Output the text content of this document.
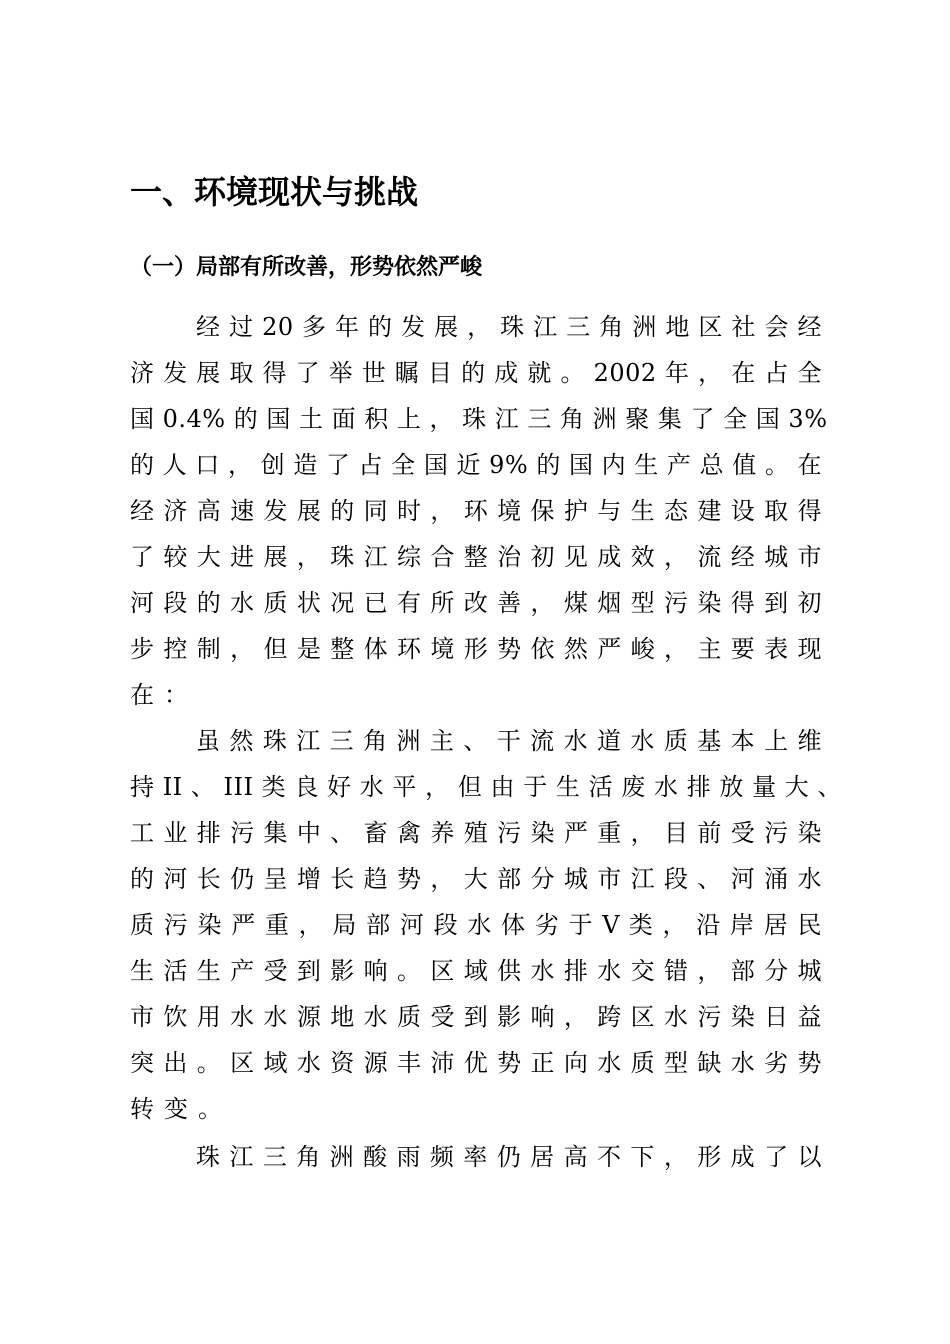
一、环境现状与挑战
（一）局部有所改善，形势依然严峻
经 过 20 多 年 的 发 展 ， 珠 江 三 角 洲 地 区 社 会 经
济 发 展 取 得 了 举 世 瞩 目 的 成 就 。 2002 年 ， 在 占 全
国 0.4% 的 国 土 面 积 上 ， 珠 江 三 角 洲 聚 集 了 全 国 3%
的 人 口 ， 创 造 了 占 全 国 近 9% 的 国 内 生 产 总 值 。 在
经 济 高 速 发 展 的 同 时 ， 环 境 保 护 与 生 态 建 设 取 得
了 较 大 进 展 ， 珠 江 综 合 整 治 初 见 成 效 ， 流 经 城 市
河 段 的 水 质 状 况 已 有 所 改 善 ， 煤 烟 型 污 染 得 到 初
步 控 制 ， 但 是 整 体 环 境 形 势 依 然 严 峻 ， 主 要 表 现
在：
虽 然 珠 江 三 角 洲 主 、 干 流 水 道 水 质 基 本 上 维
持 II 、 III 类 良 好 水 平 ， 但 由 于 生 活 废 水 排 放 量 大 、
工 业 排 污 集 中 、 畜 禽 养 殖 污 染 严 重 ， 目 前 受 污 染
的 河 长 仍 呈 增 长 趋 势 ， 大 部 分 城 市 江 段 、 河 涌 水
质 污 染 严 重 ， 局 部 河 段 水 体 劣 于 V 类 ， 沿 岸 居 民
生 活 生 产 受 到 影 响 。 区 域 供 水 排 水 交 错 ， 部 分 城
市 饮 用 水 水 源 地 水 质 受 到 影 响 ， 跨 区 水 污 染 日 益
突 出 。 区 域 水 资 源 丰 沛 优 势 正 向 水 质 型 缺 水 劣 势
转变。
珠 江 三 角 洲 酸 雨 频 率 仍 居 高 不 下 ， 形 成 了 以
